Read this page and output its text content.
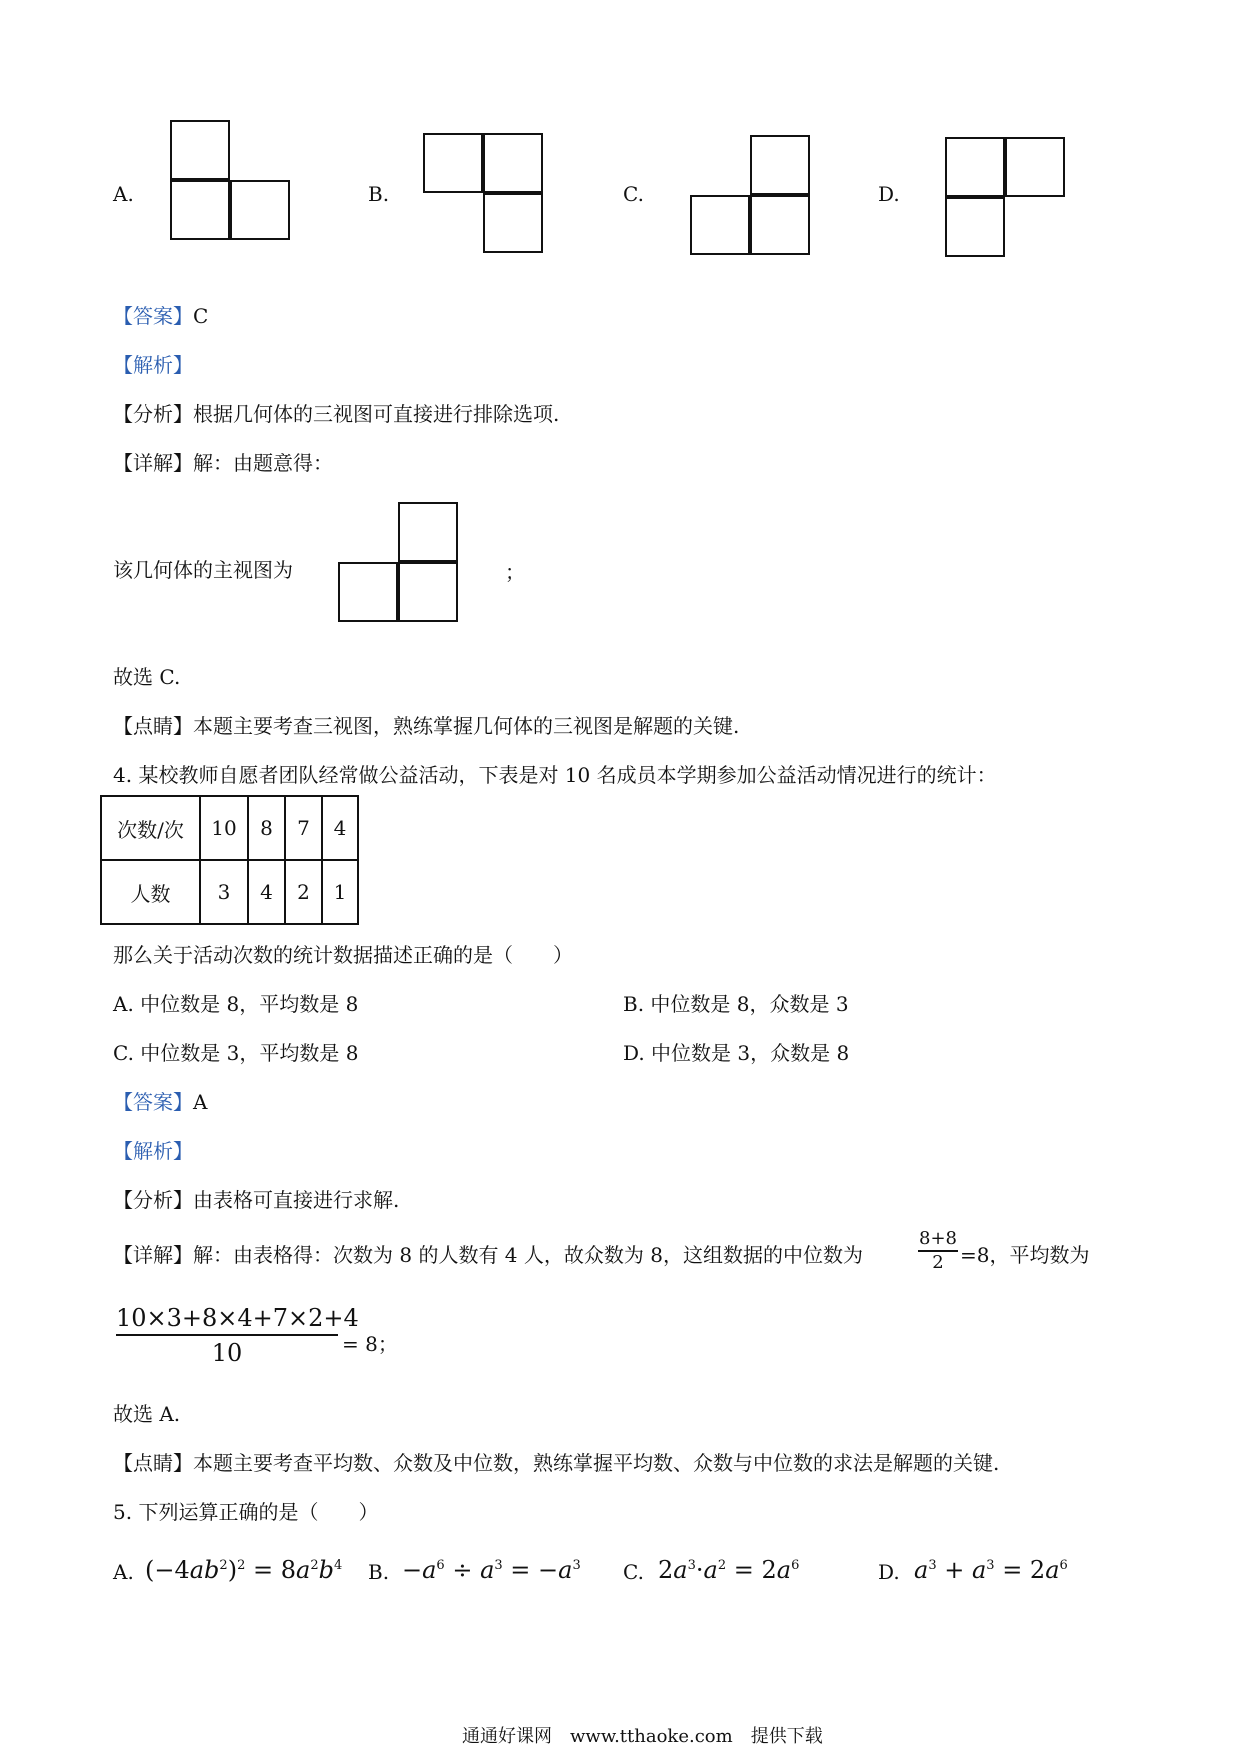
A.	B.	C.	D.
【答案】C
【解析】
【分析】根据几何体的三视图可直接进行排除选项.
【详解】解：由题意得：
该几何体的主视图为	；
故选 C.
【点睛】本题主要考查三视图，熟练掌握几何体的三视图是解题的关键.
4. 某校教师自愿者团队经常做公益活动，下表是对 10 名成员本学期参加公益活动情况进行的统计：
次数/次	10	8	7	4
人数	3	4	2	1
那么关于活动次数的统计数据描述正确的是（　　）
A. 中位数是 8，平均数是 8	B. 中位数是 8，众数是 3
C. 中位数是 3，平均数是 8	D. 中位数是 3，众数是 8
【答案】A
【解析】
【分析】由表格可直接进行求解.
【详解】解：由表格得：次数为 8 的人数有 4 人，故众数为 8，这组数据的中位数为	$\frac{8+8}{2} =8$，平均数为
$\frac{10\times 3+8\times 4+7\times 2+4}{10} = 8$；
故选 A.
【点睛】本题主要考查平均数、众数及中位数，熟练掌握平均数、众数与中位数的求法是解题的关键.
5. 下列运算正确的是（　　）
A. $(-4ab^2)^2 = 8a^2b^4$ B. $-a^6 \div a^3 = -a^3$ C. $2a^3\cdot a^2 = 2a^6$	D. $a^3 + a^3 = 2a^6$
通通好课网　www.tthaoke.com　提供下载
